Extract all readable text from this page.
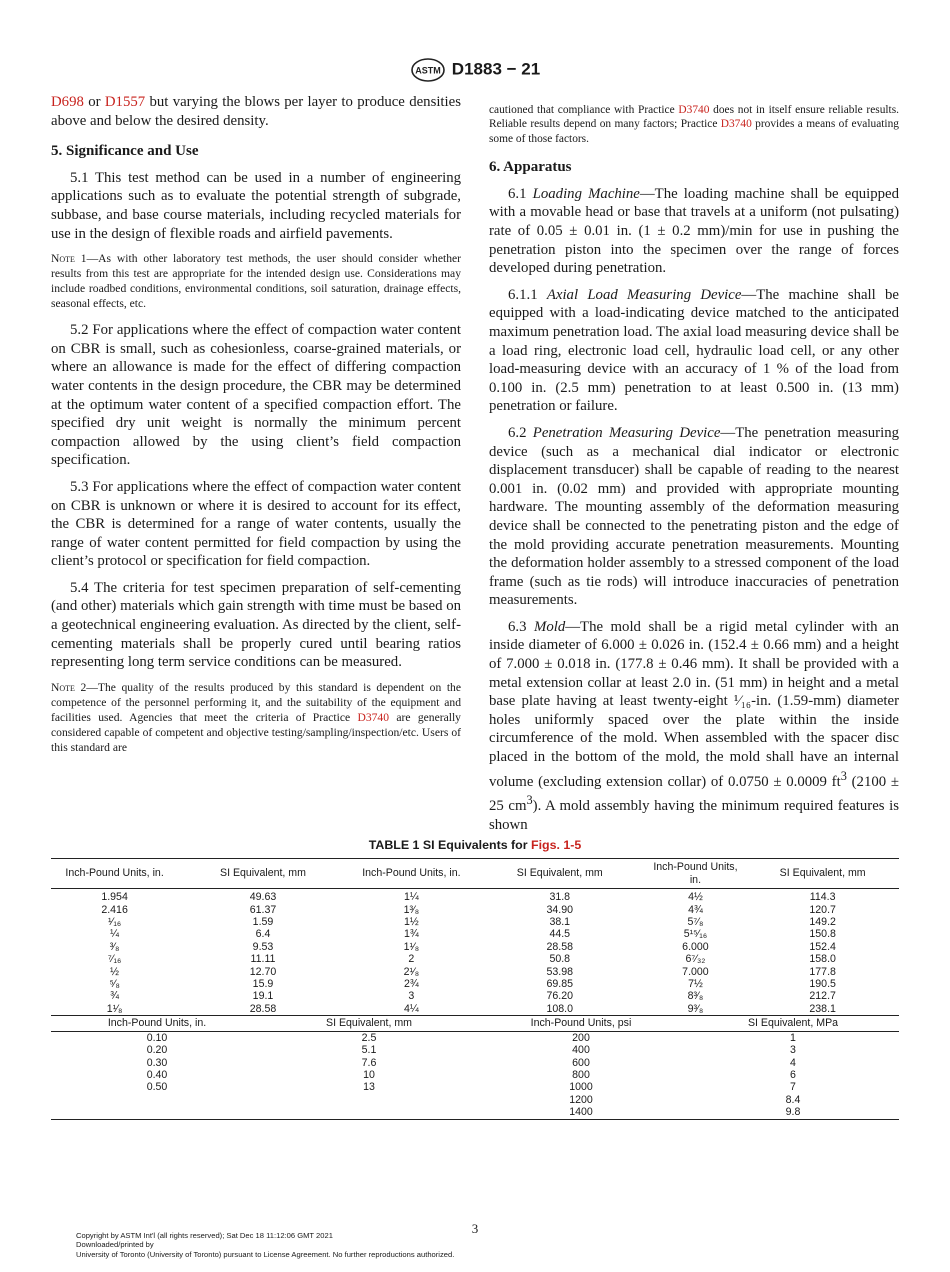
ASTM D1883 − 21

D698 or D1557 but varying the blows per layer to produce densities above and below the desired density.

5. Significance and Use

5.1 This test method can be used in a number of engineering applications such as to evaluate the potential strength of subgrade, subbase, and base course materials, including recycled materials for use in the design of flexible roads and airfield pavements.

Note 1—As with other laboratory test methods, the user should consider whether results from this test are appropriate for the intended design use. Considerations may include roadbed conditions, environmental conditions, soil saturation, drainage effects, seasonal effects, etc.

5.2 For applications where the effect of compaction water content on CBR is small, such as cohesionless, coarse-grained materials, or where an allowance is made for the effect of differing compaction water contents in the design procedure, the CBR may be determined at the optimum water content of a specified compaction effort. The specified dry unit weight is normally the minimum percent compaction allowed by the using client’s field compaction specification.

5.3 For applications where the effect of compaction water content on CBR is unknown or where it is desired to account for its effect, the CBR is determined for a range of water contents, usually the range of water content permitted for field compaction by using the client’s protocol or specification for field compaction.

5.4 The criteria for test specimen preparation of self-cementing (and other) materials which gain strength with time must be based on a geotechnical engineering evaluation. As directed by the client, self-cementing materials shall be properly cured until bearing ratios representing long term service conditions can be measured.

Note 2—The quality of the results produced by this standard is dependent on the competence of the personnel performing it, and the suitability of the equipment and facilities used. Agencies that meet the criteria of Practice D3740 are generally considered capable of competent and objective testing/sampling/inspection/etc. Users of this standard are

cautioned that compliance with Practice D3740 does not in itself ensure reliable results. Reliable results depend on many factors; Practice D3740 provides a means of evaluating some of those factors.

6. Apparatus

6.1 Loading Machine—The loading machine shall be equipped with a movable head or base that travels at a uniform (not pulsating) rate of 0.05 ± 0.01 in. (1 ± 0.2 mm)/min for use in pushing the penetration piston into the specimen over the range of forces developed during penetration.

6.1.1 Axial Load Measuring Device—The machine shall be equipped with a load-indicating device matched to the anticipated maximum penetration load. The axial load measuring device shall be a load ring, electronic load cell, hydraulic load cell, or any other load-measuring device with an accuracy of 1 % of the load from 0.100 in. (2.5 mm) penetration to at least 0.500 in. (13 mm) penetration or failure.

6.2 Penetration Measuring Device—The penetration measuring device (such as a mechanical dial indicator or electronic displacement transducer) shall be capable of reading to the nearest 0.001 in. (0.02 mm) and provided with appropriate mounting hardware. The mounting assembly of the deformation measuring device shall be connected to the penetrating piston and the edge of the mold providing accurate penetration measurements. Mounting the deformation holder assembly to a stressed component of the load frame (such as tie rods) will introduce inaccuracies of penetration measurements.

6.3 Mold—The mold shall be a rigid metal cylinder with an inside diameter of 6.000 ± 0.026 in. (152.4 ± 0.66 mm) and a height of 7.000 ± 0.018 in. (177.8 ± 0.46 mm). It shall be provided with a metal extension collar at least 2.0 in. (51 mm) in height and a metal base plate having at least twenty-eight ¹⁄₁₆-in. (1.59-mm) diameter holes uniformly spaced over the plate within the inside circumference of the mold. When assembled with the spacer disc placed in the bottom of the mold, the mold shall have an internal volume (excluding extension collar) of 0.0750 ± 0.0009 $ft^3$ (2100 ± 25 $cm^3$). A mold assembly having the minimum required features is shown

TABLE 1 SI Equivalents for Figs. 1-5
Inch-Pound Units, in.	SI Equivalent, mm	Inch-Pound Units, in.	SI Equivalent, mm	Inch-Pound Units, in.	SI Equivalent, mm
1.954	49.63	1¼	31.8	4½	114.3
2.416	61.37	1³⁄₈	34.90	4¾	120.7
¹⁄₁₆	1.59	1½	38.1	5⁷⁄₈	149.2
¼	6.4	1¾	44.5	5¹⁵⁄₁₆	150.8
³⁄₈	9.53	1¹⁄₈	28.58	6.000	152.4
⁷⁄₁₆	11.11	2	50.8	6⁷⁄₃₂	158.0
½	12.70	2¹⁄₈	53.98	7.000	177.8
⁵⁄₈	15.9	2¾	69.85	7½	190.5
¾	19.1	3	76.20	8³⁄₈	212.7
1¹⁄₈	28.58	4¼	108.0	9³⁄₈	238.1
Inch-Pound Units, in.	SI Equivalent, mm	Inch-Pound Units, psi	SI Equivalent, MPa
0.10	2.5	200	1
0.20	5.1	400	3
0.30	7.6	600	4
0.40	10	800	6
0.50	13	1000	7
		1200	8.4
		1400	9.8
3
Copyright by ASTM Int'l (all rights reserved); Sat Dec 18 11:12:06 GMT 2021
Downloaded/printed by
University of Toronto (University of Toronto) pursuant to License Agreement. No further reproductions authorized.
